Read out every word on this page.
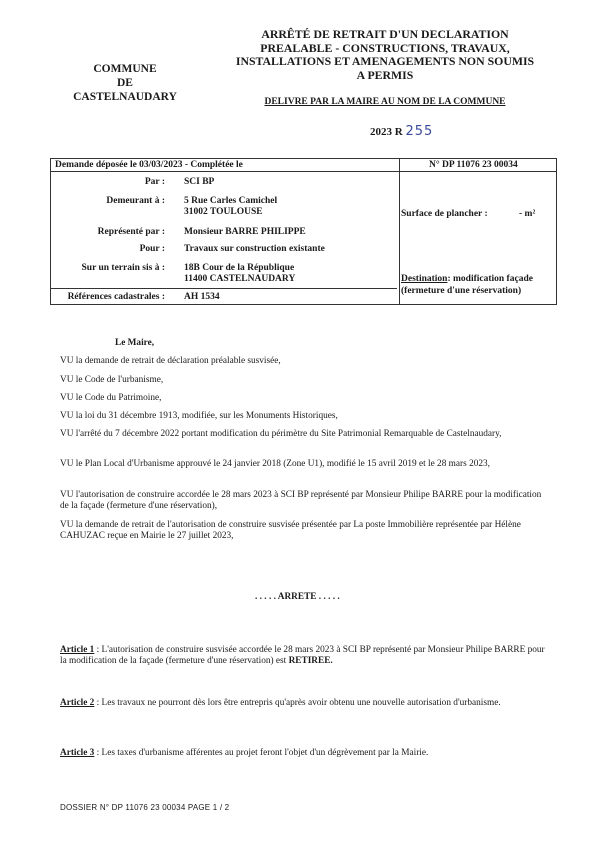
COMMUNE
DE
CASTELNAUDARY
ARRÊTÉ DE RETRAIT D'UN DECLARATION
PREALABLE - CONSTRUCTIONS, TRAVAUX,
INSTALLATIONS ET AMENAGEMENTS NON SOUMIS
A PERMIS
DELIVRE PAR LA MAIRE AU NOM DE LA COMMUNE
2023 R 255
Demande déposée le 03/03/2023 - Complétée le	N° DP 11076 23 00034
Par : SCI BP
Demeurant à : 5 Rue Carles Camichel
31002 TOULOUSE
Représenté par : Monsieur BARRE PHILIPPE
Pour : Travaux sur construction existante
Sur un terrain sis à : 18B Cour de la République
11400 CASTELNAUDARY
Références cadastrales : AH 1534
Surface de plancher :	- m²
Destination: modification façade
(fermeture d'une réservation)
Le Maire,
VU la demande de retrait de déclaration préalable susvisée,
VU le Code de l'urbanisme,
VU le Code du Patrimoine,
VU la loi du 31 décembre 1913, modifiée, sur les Monuments Historiques,
VU l'arrêté du 7 décembre 2022 portant modification du périmètre du Site Patrimonial Remarquable de Castelnaudary,
VU le Plan Local d'Urbanisme approuvé le 24 janvier 2018 (Zone U1), modifié le 15 avril 2019 et le 28 mars 2023,
VU l'autorisation de construire accordée le 28 mars 2023 à SCI BP représenté par Monsieur Philipe BARRE pour la modification de la façade (fermeture d'une réservation),
VU la demande de retrait de l'autorisation de construire susvisée présentée par La poste Immobilière représentée par Hélène CAHUZAC reçue en Mairie le 27 juillet 2023,
. . . . . ARRETE . . . . .
Article 1 : L'autorisation de construire susvisée accordée le 28 mars 2023 à SCI BP représenté par Monsieur Philipe BARRE pour la modification de la façade (fermeture d'une réservation) est RETIREE.
Article 2 : Les travaux ne pourront dès lors être entrepris qu'après avoir obtenu une nouvelle autorisation d'urbanisme.
Article 3 : Les taxes d'urbanisme afférentes au projet feront l'objet d'un dégrèvement par la Mairie.
DOSSIER N° DP 11076 23 00034 PAGE 1 / 2
